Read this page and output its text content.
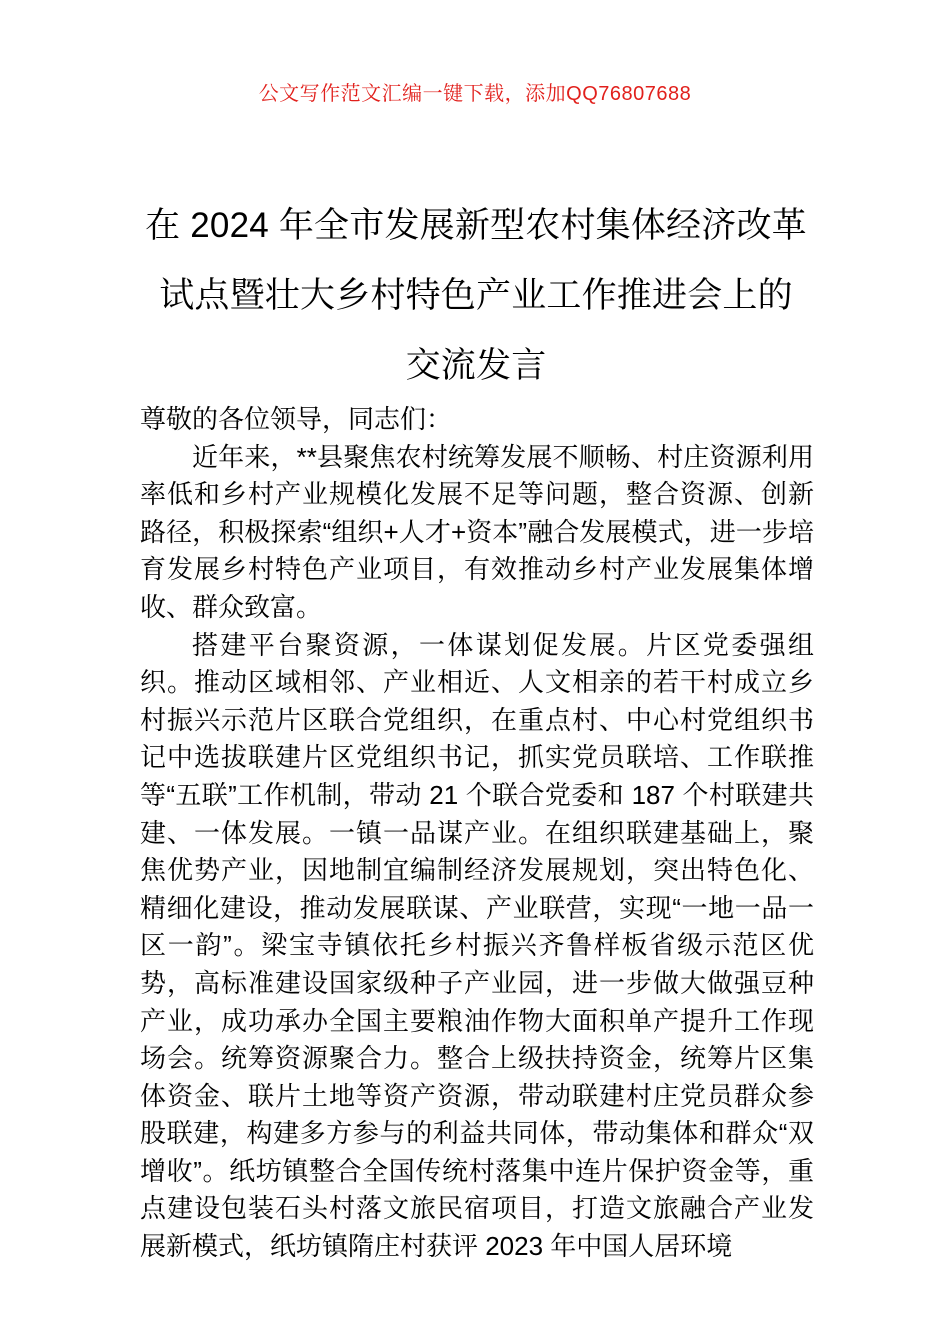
公文写作范文汇编一键下载，添加QQ76807688
在 2024 年全市发展新型农村集体经济改革
试点暨壮大乡村特色产业工作推进会上的
交流发言

尊敬的各位领导，同志们：

近年来，**县聚焦农村统筹发展不顺畅、村庄资源利用率低和乡村产业规模化发展不足等问题，整合资源、创新路径，积极探索“组织+人才+资本”融合发展模式，进一步培育发展乡村特色产业项目，有效推动乡村产业发展集体增收、群众致富。

搭建平台聚资源，一体谋划促发展。片区党委强组织。推动区域相邻、产业相近、人文相亲的若干村成立乡村振兴示范片区联合党组织，在重点村、中心村党组织书记中选拔联建片区党组织书记，抓实党员联培、工作联推等“五联”工作机制，带动 21 个联合党委和 187 个村联建共建、一体发展。一镇一品谋产业。在组织联建基础上，聚焦优势产业，因地制宜编制经济发展规划，突出特色化、精细化建设，推动发展联谋、产业联营，实现“一地一品一区一韵”。梁宝寺镇依托乡村振兴齐鲁样板省级示范区优势，高标准建设国家级种子产业园，进一步做大做强豆种产业，成功承办全国主要粮油作物大面积单产提升工作现场会。统筹资源聚合力。整合上级扶持资金，统筹片区集体资金、联片土地等资产资源，带动联建村庄党员群众参股联建，构建多方参与的利益共同体，带动集体和群众“双增收”。纸坊镇整合全国传统村落集中连片保护资金等，重点建设包装石头村落文旅民宿项目，打造文旅融合产业发展新模式，纸坊镇隋庄村获评 2023 年中国人居环境
